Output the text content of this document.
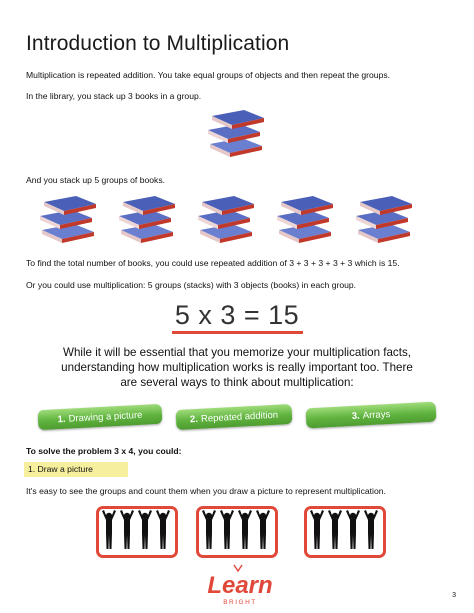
Introduction to Multiplication
Multiplication is repeated addition. You take equal groups of objects and then repeat the groups.
In the library, you stack up 3 books in a group.
And you stack up 5 groups of books.
To find the total number of books, you could use repeated addition of 3 + 3 + 3 + 3 + 3 which is 15.
Or you could use multiplication: 5 groups (stacks) with 3 objects (books) in each group.
5 x 3 = 15
While it will be essential that you memorize your multiplication facts, understanding how multiplication works is really important too. There are several ways to think about multiplication:
1. Drawing a picture	2. Repeated addition	3. Arrays
To solve the problem 3 x 4, you could:
1. Draw a picture
It's easy to see the groups and count them when you draw a picture to represent multiplication.
Learn
BRIGHT
3
